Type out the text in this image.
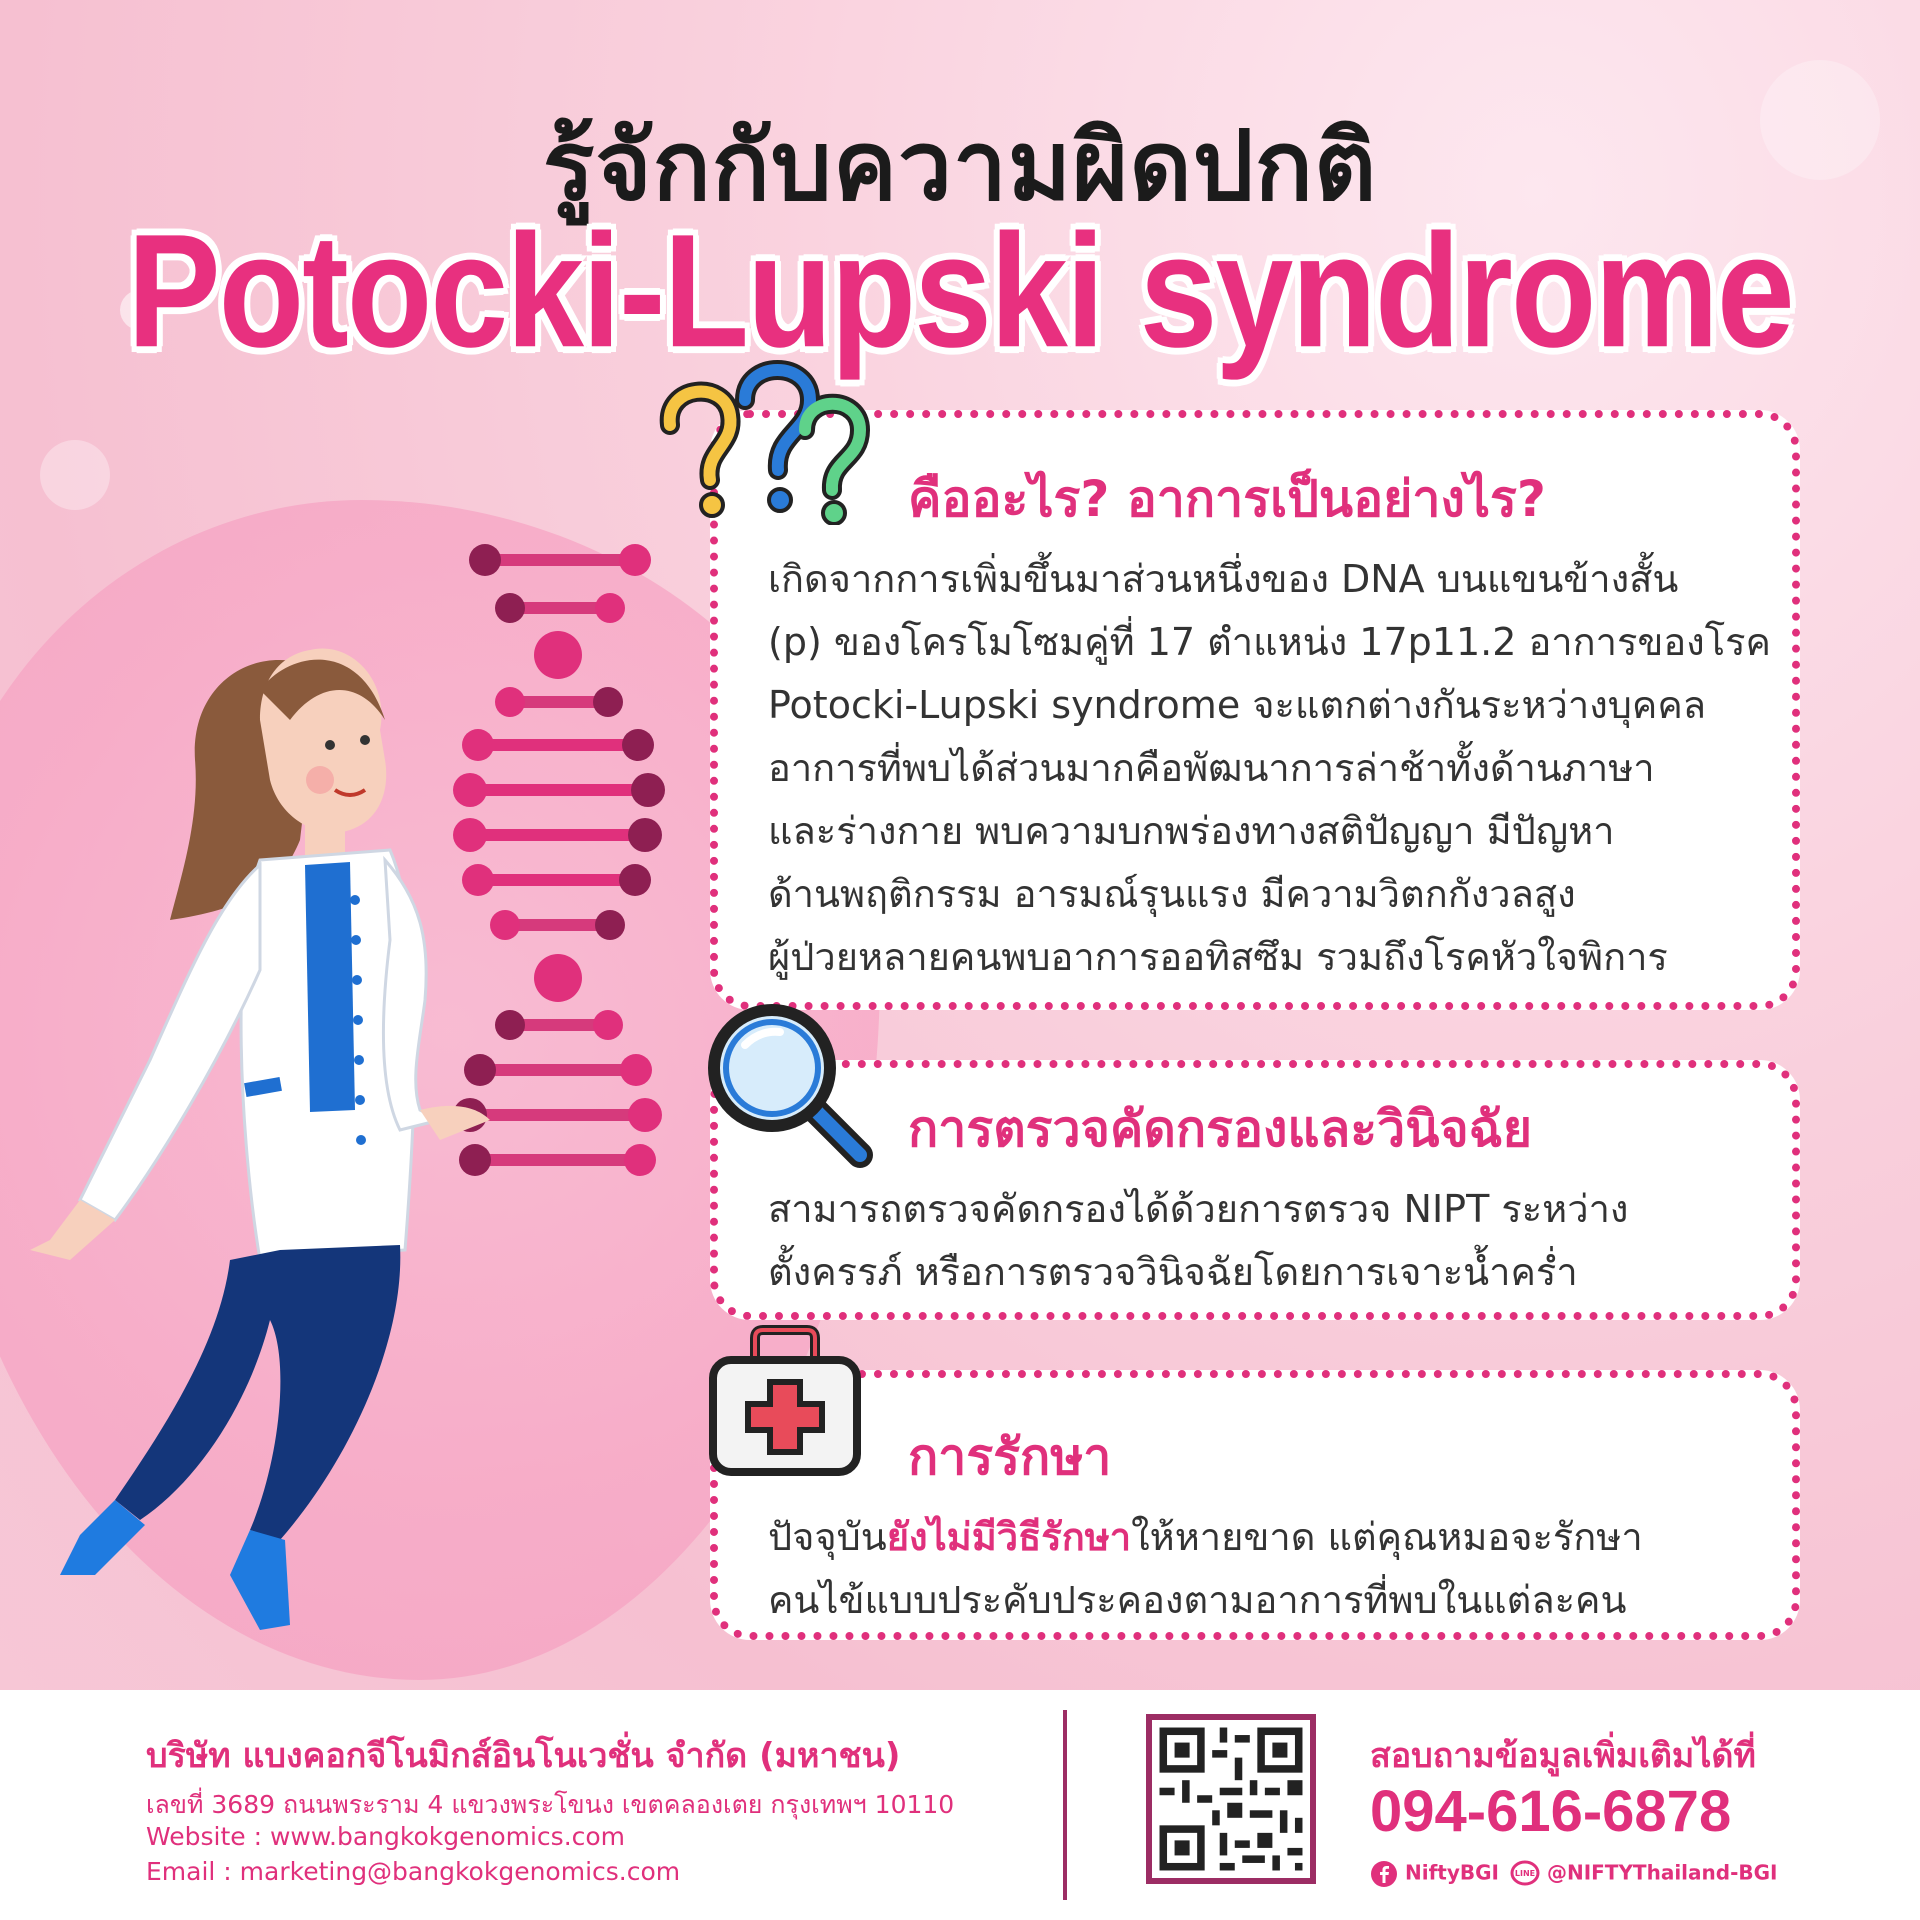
รู้จักกับความผิดปกติ
Potocki-Lupski syndrome
คืออะไร? อาการเป็นอย่างไร?
เกิดจากการเพิ่มขึ้นมาส่วนหนึ่งของ DNA บนแขนข้างสั้น
(p) ของโครโมโซมคู่ที่ 17 ตำแหน่ง 17p11.2 อาการของโรค
Potocki-Lupski syndrome จะแตกต่างกันระหว่างบุคคล
อาการที่พบได้ส่วนมากคือพัฒนาการล่าช้าทั้งด้านภาษา
และร่างกาย พบความบกพร่องทางสติปัญญา มีปัญหา
ด้านพฤติกรรม อารมณ์รุนแรง มีความวิตกกังวลสูง
ผู้ป่วยหลายคนพบอาการออทิสซึม รวมถึงโรคหัวใจพิการ
การตรวจคัดกรองและวินิจฉัย
สามารถตรวจคัดกรองได้ด้วยการตรวจ NIPT ระหว่าง
ตั้งครรภ์ หรือการตรวจวินิจฉัยโดยการเจาะน้ำคร่ำ
การรักษา
ปัจจุบันยังไม่มีวิธีรักษาให้หายขาด แต่คุณหมอจะรักษา
คนไข้แบบประคับประคองตามอาการที่พบในแต่ละคน
บริษัท แบงคอกจีโนมิกส์อินโนเวชั่น จำกัด (มหาชน)
เลขที่ 3689 ถนนพระราม 4 แขวงพระโขนง เขตคลองเตย กรุงเทพฯ 10110
Website : www.bangkokgenomics.com
Email : marketing@bangkokgenomics.com
สอบถามข้อมูลเพิ่มเติมได้ที่
094-616-6878
NiftyBGI LINE @NIFTYThailand-BGI
